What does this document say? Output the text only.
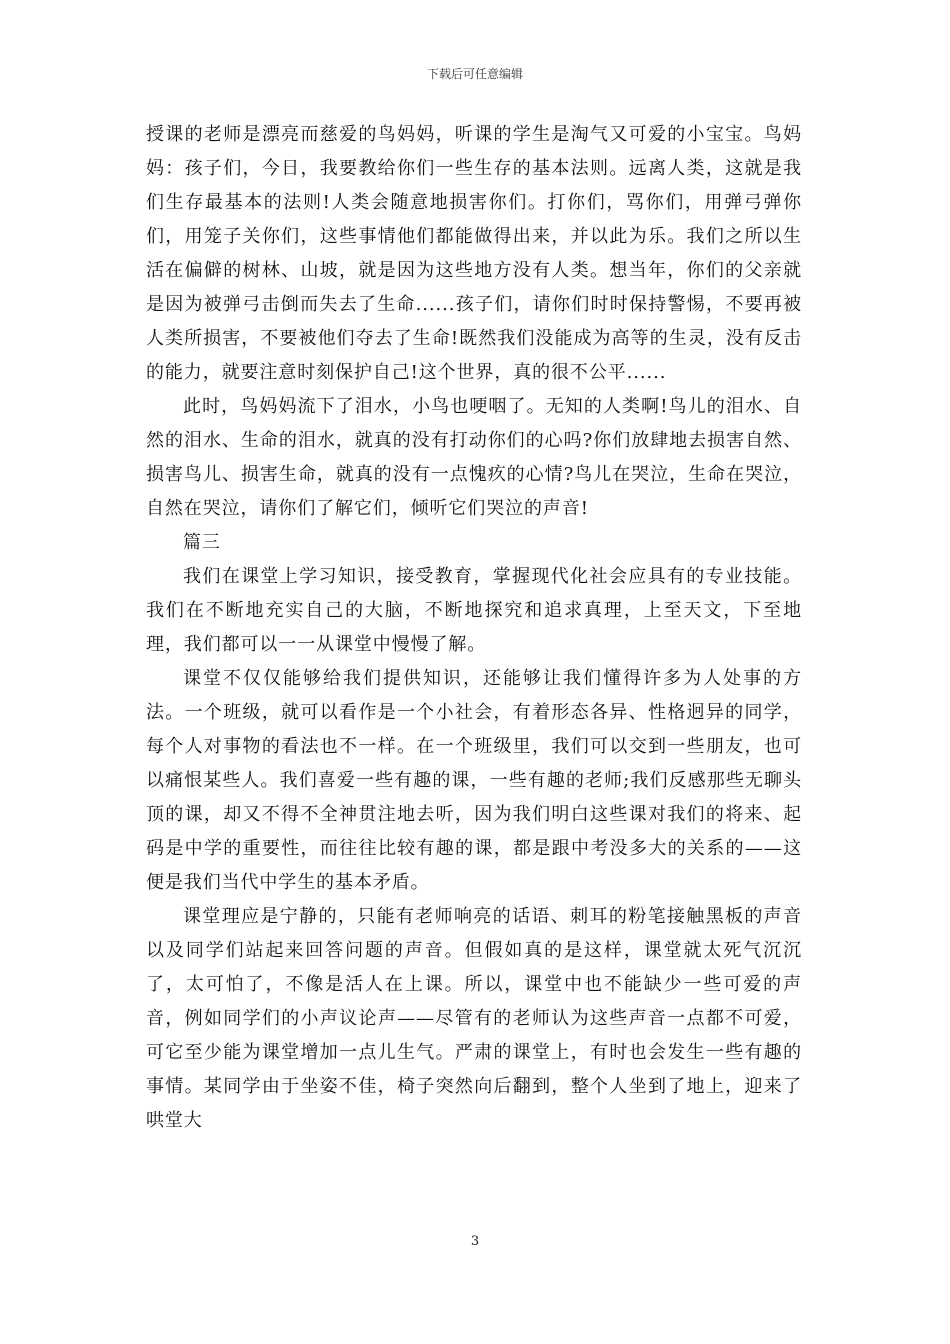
下载后可任意编辑

授课的老师是漂亮而慈爱的鸟妈妈，听课的学生是淘气又可爱的小宝宝。鸟妈妈：孩子们，今日，我要教给你们一些生存的基本法则。远离人类，这就是我们生存最基本的法则!人类会随意地损害你们。打你们，骂你们，用弹弓弹你们，用笼子关你们，这些事情他们都能做得出来，并以此为乐。我们之所以生活在偏僻的树林、山坡，就是因为这些地方没有人类。想当年，你们的父亲就是因为被弹弓击倒而失去了生命......孩子们，请你们时时保持警惕，不要再被人类所损害，不要被他们夺去了生命!既然我们没能成为高等的生灵，没有反击的能力，就要注意时刻保护自己!这个世界，真的很不公平......

此时，鸟妈妈流下了泪水，小鸟也哽咽了。无知的人类啊!鸟儿的泪水、自然的泪水、生命的泪水，就真的没有打动你们的心吗?你们放肆地去损害自然、损害鸟儿、损害生命，就真的没有一点愧疚的心情?鸟儿在哭泣，生命在哭泣，自然在哭泣，请你们了解它们，倾听它们哭泣的声音!

篇三

我们在课堂上学习知识，接受教育，掌握现代化社会应具有的专业技能。我们在不断地充实自己的大脑，不断地探究和追求真理，上至天文，下至地理，我们都可以一一从课堂中慢慢了解。

课堂不仅仅能够给我们提供知识，还能够让我们懂得许多为人处事的方法。一个班级，就可以看作是一个小社会，有着形态各异、性格迥异的同学，每个人对事物的看法也不一样。在一个班级里，我们可以交到一些朋友，也可以痛恨某些人。我们喜爱一些有趣的课，一些有趣的老师;我们反感那些无聊头顶的课，却又不得不全神贯注地去听，因为我们明白这些课对我们的将来、起码是中学的重要性，而往往比较有趣的课，都是跟中考没多大的关系的——这便是我们当代中学生的基本矛盾。

课堂理应是宁静的，只能有老师响亮的话语、刺耳的粉笔接触黑板的声音以及同学们站起来回答问题的声音。但假如真的是这样，课堂就太死气沉沉了，太可怕了，不像是活人在上课。所以，课堂中也不能缺少一些可爱的声音，例如同学们的小声议论声——尽管有的老师认为这些声音一点都不可爱，可它至少能为课堂增加一点儿生气。严肃的课堂上，有时也会发生一些有趣的事情。某同学由于坐姿不佳，椅子突然向后翻到，整个人坐到了地上，迎来了哄堂大

3
